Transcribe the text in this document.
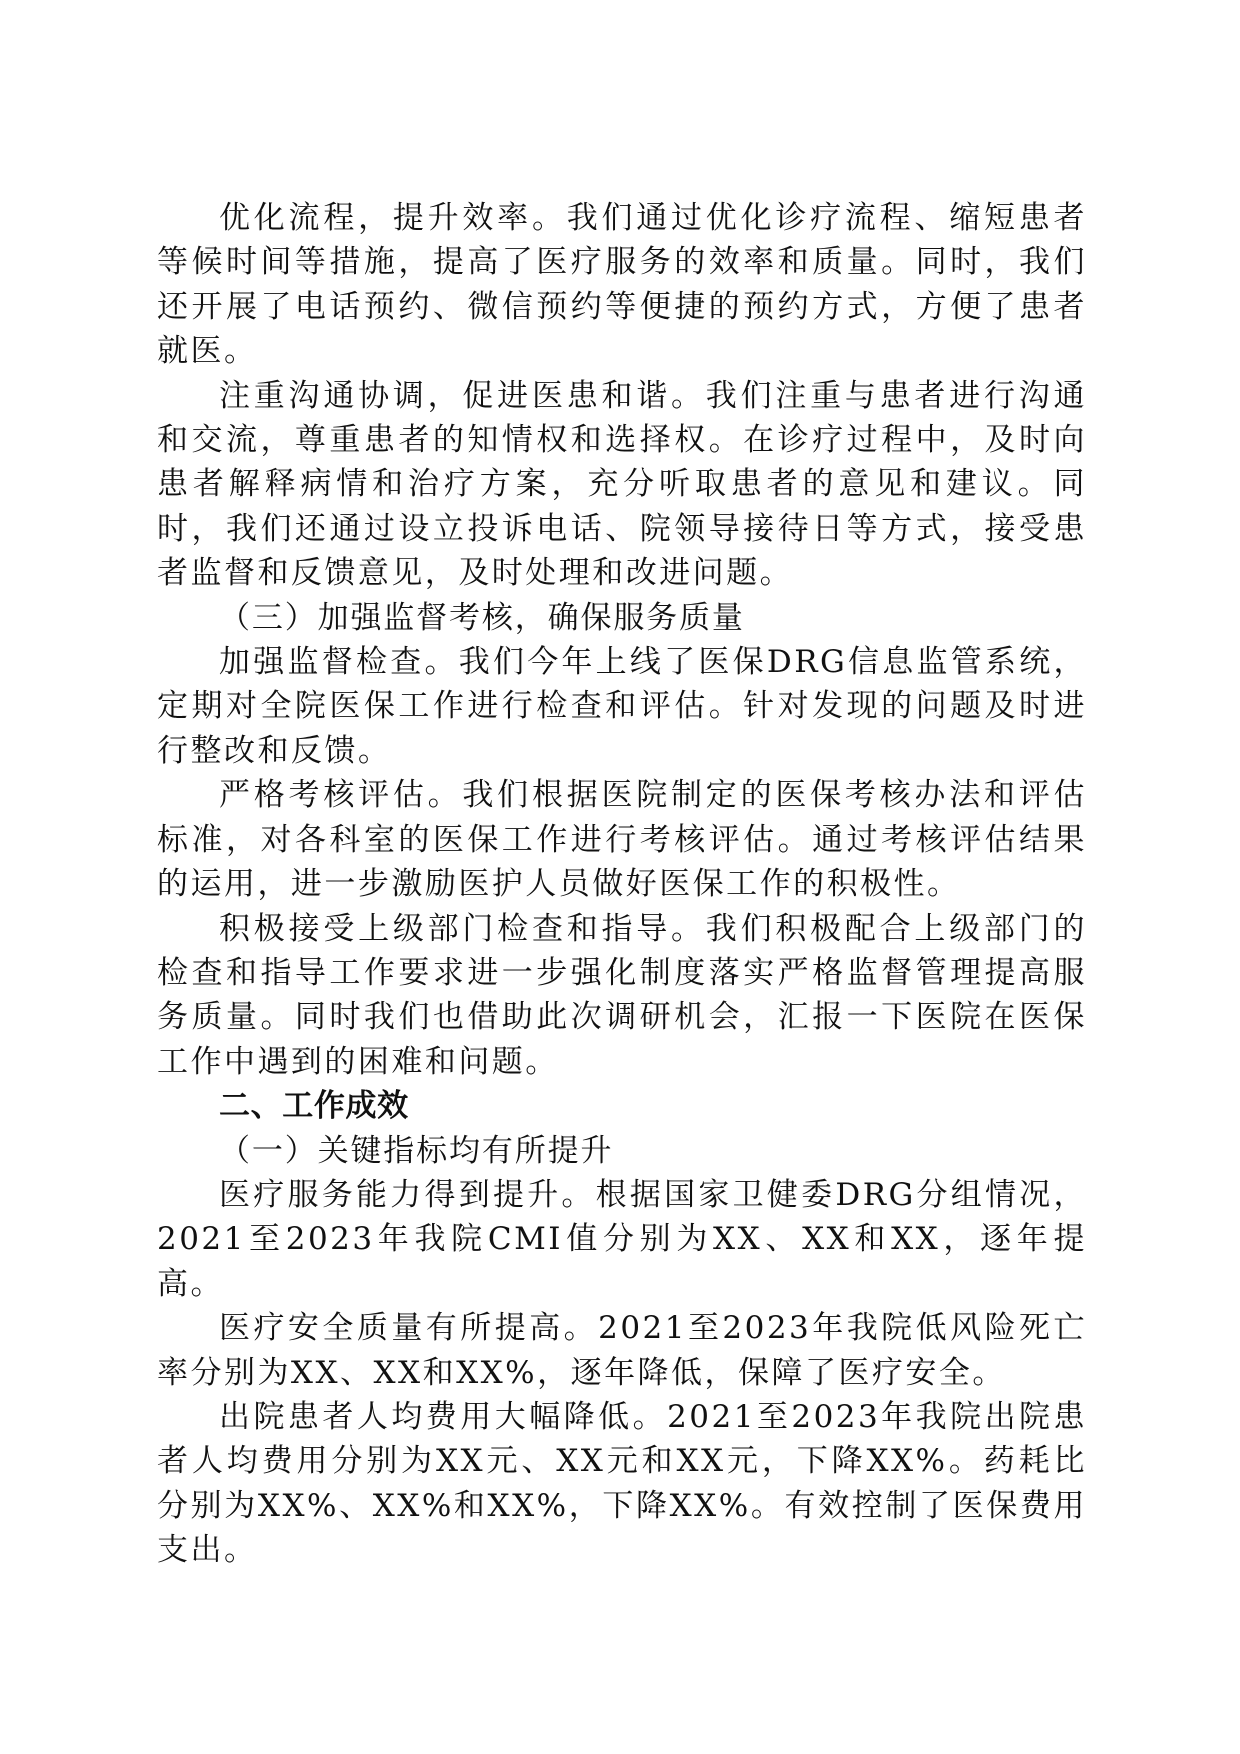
优化流程，提升效率。我们通过优化诊疗流程、缩短患者等候时间等措施，提高了医疗服务的效率和质量。同时，我们还开展了电话预约、微信预约等便捷的预约方式，方便了患者就医。

注重沟通协调，促进医患和谐。我们注重与患者进行沟通和交流，尊重患者的知情权和选择权。在诊疗过程中，及时向患者解释病情和治疗方案，充分听取患者的意见和建议。同时，我们还通过设立投诉电话、院领导接待日等方式，接受患者监督和反馈意见，及时处理和改进问题。

（三）加强监督考核，确保服务质量

加强监督检查。我们今年上线了医保DRG信息监管系统，定期对全院医保工作进行检查和评估。针对发现的问题及时进行整改和反馈。

严格考核评估。我们根据医院制定的医保考核办法和评估标准，对各科室的医保工作进行考核评估。通过考核评估结果的运用，进一步激励医护人员做好医保工作的积极性。

积极接受上级部门检查和指导。我们积极配合上级部门的检查和指导工作要求进一步强化制度落实严格监督管理提高服务质量。同时我们也借助此次调研机会，汇报一下医院在医保工作中遇到的困难和问题。

二、工作成效

（一）关键指标均有所提升

医疗服务能力得到提升。根据国家卫健委DRG分组情况，2021至2023年我院CMI值分别为XX、XX和XX，逐年提高。

医疗安全质量有所提高。2021至2023年我院低风险死亡率分别为XX、XX和XX%，逐年降低，保障了医疗安全。

出院患者人均费用大幅降低。2021至2023年我院出院患者人均费用分别为XX元、XX元和XX元，下降XX%。药耗比分别为XX%、XX%和XX%，下降XX%。有效控制了医保费用支出。
